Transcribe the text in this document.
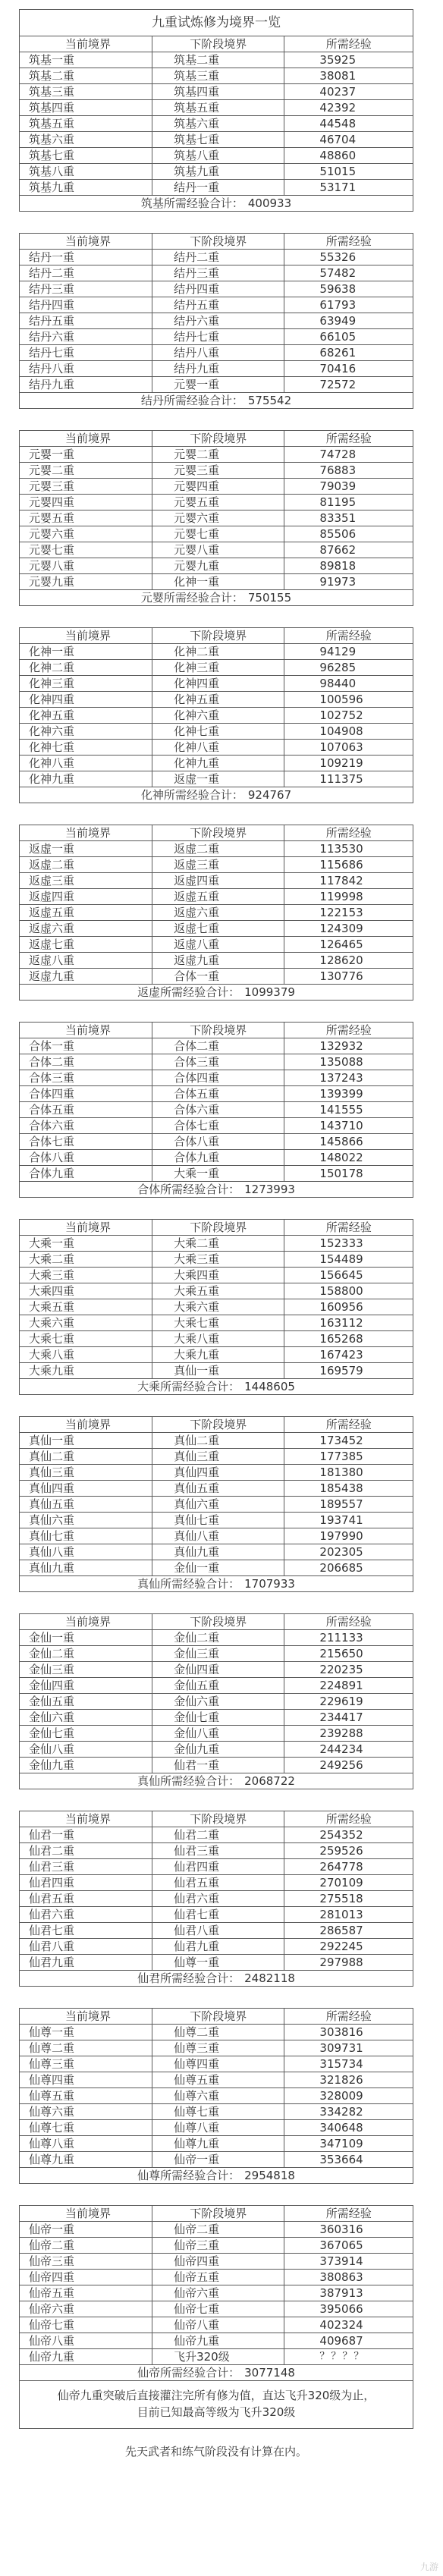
九重试炼修为境界一览
当前境界	下阶段境界	所需经验
筑基一重	筑基二重	35925
筑基二重	筑基三重	38081
筑基三重	筑基四重	40237
筑基四重	筑基五重	42392
筑基五重	筑基六重	44548
筑基六重	筑基七重	46704
筑基七重	筑基八重	48860
筑基八重	筑基九重	51015
筑基九重	结丹一重	53171
筑基所需经验合计： 400933		
当前境界	下阶段境界	所需经验
结丹一重	结丹二重	55326
结丹二重	结丹三重	57482
结丹三重	结丹四重	59638
结丹四重	结丹五重	61793
结丹五重	结丹六重	63949
结丹六重	结丹七重	66105
结丹七重	结丹八重	68261
结丹八重	结丹九重	70416
结丹九重	元婴一重	72572
结丹所需经验合计： 575542		
当前境界	下阶段境界	所需经验
元婴一重	元婴二重	74728
元婴二重	元婴三重	76883
元婴三重	元婴四重	79039
元婴四重	元婴五重	81195
元婴五重	元婴六重	83351
元婴六重	元婴七重	85506
元婴七重	元婴八重	87662
元婴八重	元婴九重	89818
元婴九重	化神一重	91973
元婴所需经验合计： 750155		
当前境界	下阶段境界	所需经验
化神一重	化神二重	94129
化神二重	化神三重	96285
化神三重	化神四重	98440
化神四重	化神五重	100596
化神五重	化神六重	102752
化神六重	化神七重	104908
化神七重	化神八重	107063
化神八重	化神九重	109219
化神九重	返虚一重	111375
化神所需经验合计： 924767		
当前境界	下阶段境界	所需经验
返虚一重	返虚二重	113530
返虚二重	返虚三重	115686
返虚三重	返虚四重	117842
返虚四重	返虚五重	119998
返虚五重	返虚六重	122153
返虚六重	返虚七重	124309
返虚七重	返虚八重	126465
返虚八重	返虚九重	128620
返虚九重	合体一重	130776
返虚所需经验合计： 1099379		
当前境界	下阶段境界	所需经验
合体一重	合体二重	132932
合体二重	合体三重	135088
合体三重	合体四重	137243
合体四重	合体五重	139399
合体五重	合体六重	141555
合体六重	合体七重	143710
合体七重	合体八重	145866
合体八重	合体九重	148022
合体九重	大乘一重	150178
合体所需经验合计： 1273993		
当前境界	下阶段境界	所需经验
大乘一重	大乘二重	152333
大乘二重	大乘三重	154489
大乘三重	大乘四重	156645
大乘四重	大乘五重	158800
大乘五重	大乘六重	160956
大乘六重	大乘七重	163112
大乘七重	大乘八重	165268
大乘八重	大乘九重	167423
大乘九重	真仙一重	169579
大乘所需经验合计： 1448605		
当前境界	下阶段境界	所需经验
真仙一重	真仙二重	173452
真仙二重	真仙三重	177385
真仙三重	真仙四重	181380
真仙四重	真仙五重	185438
真仙五重	真仙六重	189557
真仙六重	真仙七重	193741
真仙七重	真仙八重	197990
真仙八重	真仙九重	202305
真仙九重	金仙一重	206685
真仙所需经验合计： 1707933		
当前境界	下阶段境界	所需经验
金仙一重	金仙二重	211133
金仙二重	金仙三重	215650
金仙三重	金仙四重	220235
金仙四重	金仙五重	224891
金仙五重	金仙六重	229619
金仙六重	金仙七重	234417
金仙七重	金仙八重	239288
金仙八重	金仙九重	244234
金仙九重	仙君一重	249256
真仙所需经验合计： 2068722		
当前境界	下阶段境界	所需经验
仙君一重	仙君二重	254352
仙君二重	仙君三重	259526
仙君三重	仙君四重	264778
仙君四重	仙君五重	270109
仙君五重	仙君六重	275518
仙君六重	仙君七重	281013
仙君七重	仙君八重	286587
仙君八重	仙君九重	292245
仙君九重	仙尊一重	297988
仙君所需经验合计： 2482118		
当前境界	下阶段境界	所需经验
仙尊一重	仙尊二重	303816
仙尊二重	仙尊三重	309731
仙尊三重	仙尊四重	315734
仙尊四重	仙尊五重	321826
仙尊五重	仙尊六重	328009
仙尊六重	仙尊七重	334282
仙尊七重	仙尊八重	340648
仙尊八重	仙尊九重	347109
仙尊九重	仙帝一重	353664
仙尊所需经验合计： 2954818		
当前境界	下阶段境界	所需经验
仙帝一重	仙帝二重	360316
仙帝二重	仙帝三重	367065
仙帝三重	仙帝四重	373914
仙帝四重	仙帝五重	380863
仙帝五重	仙帝六重	387913
仙帝六重	仙帝七重	395066
仙帝七重	仙帝八重	402324
仙帝八重	仙帝九重	409687
仙帝九重	飞升320级	？？？？
仙帝所需经验合计： 3077148		

仙帝九重突破后直接灌注完所有修为值，直达飞升320级为止，

目前已知最高等级为飞升320级

先天武者和练气阶段没有计算在内。
九游
